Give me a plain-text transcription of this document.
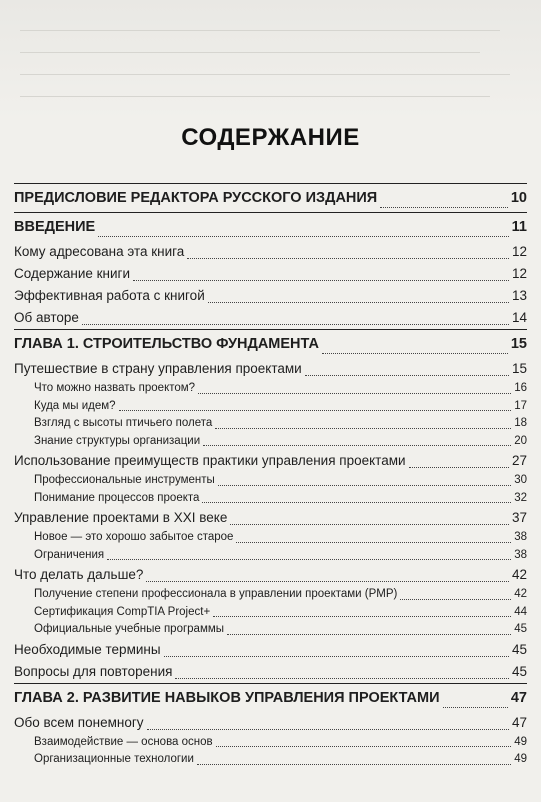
СОДЕРЖАНИЕ
ПРЕДИСЛОВИЕ РЕДАКТОРА РУССКОГО ИЗДАНИЯ	10
ВВЕДЕНИЕ	11
Кому адресована эта книга	12
Содержание книги	12
Эффективная работа с книгой	13
Об авторе	14
ГЛАВА 1. СТРОИТЕЛЬСТВО ФУНДАМЕНТА	15
Путешествие в страну управления проектами	15
Что можно назвать проектом?	16
Куда мы идем?	17
Взгляд с высоты птичьего полета	18
Знание структуры организации	20
Использование преимуществ практики управления проектами	27
Профессиональные инструменты	30
Понимание процессов проекта	32
Управление проектами в XXI веке	37
Новое — это хорошо забытое старое	38
Ограничения	38
Что делать дальше?	42
Получение степени профессионала в управлении проектами (PMP)	42
Сертификация CompTIA Project+	44
Официальные учебные программы	45
Необходимые термины	45
Вопросы для повторения	45
ГЛАВА 2. РАЗВИТИЕ НАВЫКОВ УПРАВЛЕНИЯ ПРОЕКТАМИ	47
Обо всем понемногу	47
Взаимодействие — основа основ	49
Организационные технологии	49
